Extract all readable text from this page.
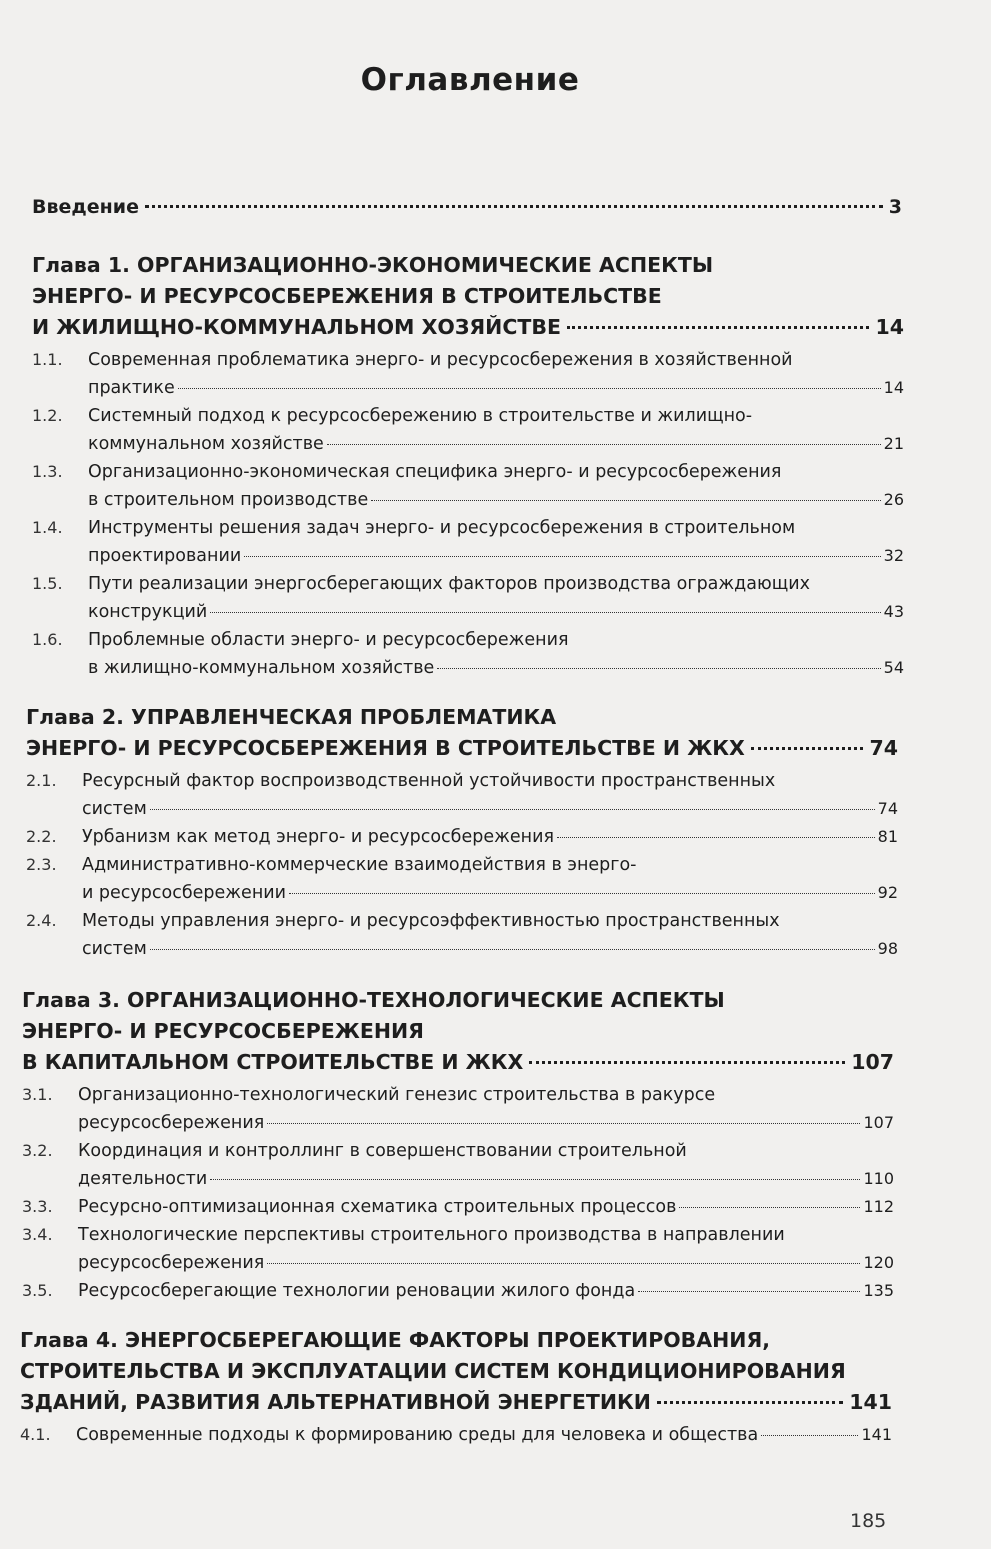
Оглавление
Введение	3
Глава 1. ОРГАНИЗАЦИОННО-ЭКОНОМИЧЕСКИЕ АСПЕКТЫ
ЭНЕРГО- И РЕСУРСОСБЕРЕЖЕНИЯ В СТРОИТЕЛЬСТВЕ
И ЖИЛИЩНО-КОММУНАЛЬНОМ ХОЗЯЙСТВЕ	14
1.1.	Современная проблематика энерго- и ресурсосбережения в хозяйственной
практике	14
1.2.	Системный подход к ресурсосбережению в строительстве и жилищно-
коммунальном хозяйстве	21
1.3.	Организационно-экономическая специфика энерго- и ресурсосбережения
в строительном производстве	26
1.4.	Инструменты решения задач энерго- и ресурсосбережения в строительном
проектировании	32
1.5.	Пути реализации энергосберегающих факторов производства ограждающих
конструкций	43
1.6.	Проблемные области энерго- и ресурсосбережения
в жилищно-коммунальном хозяйстве	54
Глава 2. УПРАВЛЕНЧЕСКАЯ ПРОБЛЕМАТИКА
ЭНЕРГО- И РЕСУРСОСБЕРЕЖЕНИЯ В СТРОИТЕЛЬСТВЕ И ЖКХ	74
2.1.	Ресурсный фактор воспроизводственной устойчивости пространственных
систем	74
2.2.	Урбанизм как метод энерго- и ресурсосбережения	81
2.3.	Административно-коммерческие взаимодействия в энерго-
и ресурсосбережении	92
2.4.	Методы управления энерго- и ресурсоэффективностью пространственных
систем	98
Глава 3. ОРГАНИЗАЦИОННО-ТЕХНОЛОГИЧЕСКИЕ АСПЕКТЫ
ЭНЕРГО- И РЕСУРСОСБЕРЕЖЕНИЯ
В КАПИТАЛЬНОМ СТРОИТЕЛЬСТВЕ И ЖКХ	107
3.1.	Организационно-технологический генезис строительства в ракурсе
ресурсосбережения	107
3.2.	Координация и контроллинг в совершенствовании строительной
деятельности	110
3.3.	Ресурсно-оптимизационная схематика строительных процессов	112
3.4.	Технологические перспективы строительного производства в направлении
ресурсосбережения	120
3.5.	Ресурсосберегающие технологии реновации жилого фонда	135
Глава 4. ЭНЕРГОСБЕРЕГАЮЩИЕ ФАКТОРЫ ПРОЕКТИРОВАНИЯ,
СТРОИТЕЛЬСТВА И ЭКСПЛУАТАЦИИ СИСТЕМ КОНДИЦИОНИРОВАНИЯ
ЗДАНИЙ, РАЗВИТИЯ АЛЬТЕРНАТИВНОЙ ЭНЕРГЕТИКИ	141
4.1.	Современные подходы к формированию среды для человека и общества	141
185
